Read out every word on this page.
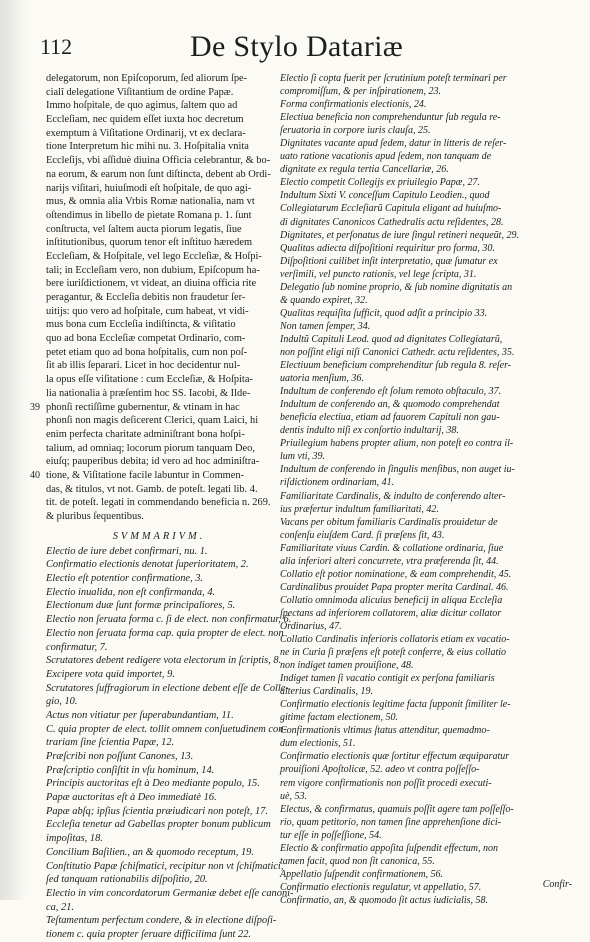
112	De Stylo Datariæ
delegatorum, non Epiſcoporum, ſed aliorum ſpe-
cialî delegatione Viſitantium de ordine Papæ.
Immo hoſpitale, de quo agimus, ſaltem quo ad
Eccleſiam, nec quidem eſſet iuxta hoc decretum
exemptum à Viſitatione Ordinarij, vt ex declara-
tione Interpretum hic mihi nu. 3. Hoſpitalia vnita
Eccleſijs, vbi aſſiduè diuina Officia celebrantur, & bo-
na eorum, & earum non ſunt diſtincta, debent ab Ordi-
narijs viſitari, huiuſmodi eſt hoſpitale, de quo agi-
mus, & omnia alia Vrbis Romæ nationalia, nam vt
oſtendimus in libello de pietate Romana p. 1. ſunt
conſtructa, vel ſaltem aucta piorum legatis, ſiue
inſtitutionibus, quorum tenor eſt inſtituo hæredem
Eccleſiam, & Hoſpitale, vel lego Eccleſiæ, & Hoſpi-
tali; in Eccleſiam vero, non dubium, Epiſcopum ha-
bere iuriſdictionem, vt videat, an diuina officia rite
peragantur, & Eccleſia debitis non fraudetur ſer-
uitijs: quo vero ad hoſpitale, cum habeat, vt vidi-
mus bona cum Eccleſia indiſtincta, & viſitatio
quo ad bona Eccleſiæ competat Ordinario, com-
petet etiam quo ad bona hoſpitalis, cum non poſ-
ſit ab illis ſeparari. Licet in hoc decidentur nul-
la opus eſſe viſitatione : cum Eccleſiæ, & Hoſpita-
lia nationalia à præſentim hoc SS. Iacobi, & Ilde-
39 phonſi rectiſſime gubernentur, & vtinam in hac
phonſi non magis deſicerent Clerici, quam Laici, hi
enim perfecta charitate adminiſtrant bona hoſpi-
talium, ad omniaq; locorum piorum tanquam Deo,
eiuſq; pauperibus debita; id vero ad hoc adminiſtra-
40 tione, & Viſitatione facile labuntur in Commen-
das, & titulos, vt not. Gamb. de poteſt. legati lib. 4.
tit. de poteſt. legati in commendando beneficia n. 269.
& pluribus ſequentibus.
SVMMARIVM.
Electio de iure debet confirmari, nu. 1.
Confirmatio electionis denotat ſuperioritatem, 2.
Electio eſt potentior confirmatione, 3.
Electio inualida, non eſt confirmanda, 4.
Electionum duæ ſunt formæ principaliores, 5.
Electio non ſeruata forma c. ſi de elect. non confirmatur, 6.
Electio non ſeruata forma cap. quia propter de elect. non
confirmatur, 7.
Scrutatores debent redigere vota electorum in ſcriptis, 8.
Excipere vota quid importet, 9.
Scrutatores ſuffragiorum in electione debent eſſe de Colle-
gio, 10.
Actus non vitiatur per ſuperabundantiam, 11.
C. quia propter de elect. tollit omnem conſuetudinem con-
trariam ſine ſcientia Papæ, 12.
Præſcribi non poſſunt Canones, 13.
Præſcriptio conſiſtit in vſu hominum, 14.
Principis auctoritas eſt à Deo mediante populo, 15.
Papæ auctoritas eſt à Deo immediatè 16.
Papæ abſq; ipſius ſcientia præiudicari non poteſt, 17.
Eccleſia tenetur ad Gabellas propter bonum publicum
impoſitas, 18.
Concilium Baſilien., an & quomodo receptum, 19.
Conſtitutio Papæ ſchiſmatici, recipitur non vt ſchiſmatici,
ſed tanquam rationabilis diſpoſitio, 20.
Electio in vim concordatorum Germaniæ debet eſſe canoni-
ca, 21.
Teſtamentum perfectum condere, & in electione diſpoſi-
tionem c. quia propter ſeruare difficilima ſunt 22.
Electio ſi copta fuerit per ſcrutinium poteſt terminari per
compromiſſum, & per inſpirationem, 23.
Forma confirmationis electionis, 24.
Electiua beneficia non comprehenduntur ſub regula re-
ſeruatoria in corpore iuris clauſa, 25.
Dignitates vacante apud ſedem, datur in litteris de reſer-
uato ratione vacationis apud ſedem, non tanquam de
dignitate ex regula tertia Cancellariæ, 26.
Electio competit Collegijs ex priuilegio Papæ, 27.
Indultum Sixti V. conceſſum Capitulo Leodien., quod
Collegiatarum Eccleſiarũ Capitula eligant ad huiuſmo-
di dignitates Canonicos Cathedralis actu reſidentes, 28.
Dignitates, et perſonatus de iure ſingul retineri nequeũt, 29.
Qualitas adiecta diſpoſitioni requiritur pro forma, 30.
Diſpoſitioni cuilibet inſit interpretatio, quæ ſumatur ex
verſimili, vel puncto rationis, vel lege ſcripta, 31.
Delegatio ſub nomine proprio, & ſub nomine dignitatis an
& quando expiret, 32.
Qualitas requiſita ſufficit, quod adſit a principio 33.
Non tamen ſemper, 34.
Indultũ Capituli Leod. quod ad dignitates Collegiatarũ,
non poſſint eligi niſi Canonici Cathedr. actu reſidentes, 35.
Electiuum beneficium comprehenditur ſub regula 8. reſer-
uatoria menſium, 36.
Indultum de conferendo eſt ſolum remoto obſtaculo, 37.
Indultum de conferendo an, & quomodo comprehendat
beneficia electiua, etiam ad fauorem Capituli non gau-
dentis indulto niſi ex conſortio indultarij, 38.
Priuilegium habens propter alium, non poteſt eo contra il-
lum vti, 39.
Indultum de conferendo in ſingulis menſibus, non auget iu-
riſdictionem ordinariam, 41.
Familiaritate Cardinalis, & indulto de conferendo alter-
ius præfertur indultum familiaritati, 42.
Vacans per obitum familiaris Cardinalis prouidetur de
conſenſu eiuſdem Card. ſi præſens ſit, 43.
Familiaritate viuus Cardin. & collatione ordinaria, ſiue
alia inferiori alteri concurrete, vtra præferenda ſit, 44.
Collatio eſt potior nominatione, & eam comprehendit, 45.
Cardinalibus prouidet Papa propter merita Cardinal. 46.
Collatio omnimoda alicuius beneficij in aliqua Eccleſia
ſpectans ad inferiorem collatorem, aliæ dicitur collator
Ordinarius, 47.
Collatio Cardinalis inferioris collatoris etiam ex vacatio-
ne in Curia ſi præſens eſt poteſt conferre, & eius collatio
non indiget tamen prouiſione, 48.
Indiget tamen ſi vacatio contigit ex perſona familiaris
alterius Cardinalis, 19.
Confirmatio electionis legitime facta ſupponit ſimiliter le-
gitime factam electionem, 50.
Confirmationis vltimus ſtatus attenditur, quemadmo-
dum electionis, 51.
Confirmatio electionis quæ ſortitur effectum æquiparatur
prouiſioni Apoſtolicæ, 52. adeo vt contra poſſeſſo-
rem vigore confirmationis non poſſit procedi executi-
uè, 53.
Electus, & confirmatus, quamuis poſſit agere tam poſſeſſo-
rio, quam petitorio, non tamen ſine apprehenſione dici-
tur eſſe in poſſeſſione, 54.
Electio & confirmatio appoſita ſuſpendit effectum, non
tamen facit, quod non ſit canonica, 55.
Appellatio ſuſpendit confirmationem, 56.
Confirmatio electionis regulatur, vt appellatio, 57.
Confirmatio, an, & quomodo ſit actus iudicialis, 58.
Confir-
